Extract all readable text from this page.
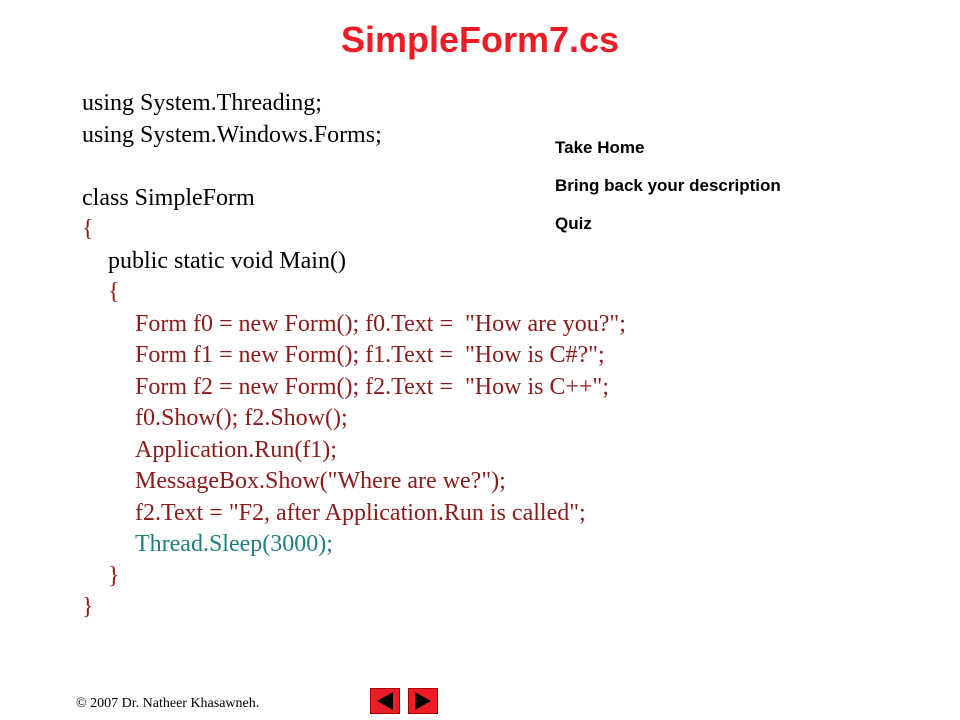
SimpleForm7.cs
using System.Threading;
using System.Windows.Forms;
class SimpleForm
{
public static void Main()
{
Form f0 = new Form(); f0.Text =  "How are you?";
Form f1 = new Form(); f1.Text =  "How is C#?";
Form f2 = new Form(); f2.Text =  "How is C++";
f0.Show(); f2.Show();
Application.Run(f1);
MessageBox.Show("Where are we?");
f2.Text = "F2, after Application.Run is called";
Thread.Sleep(3000);
}
}
Take Home
Bring back your description
Quiz
© 2007 Dr. Natheer Khasawneh.
